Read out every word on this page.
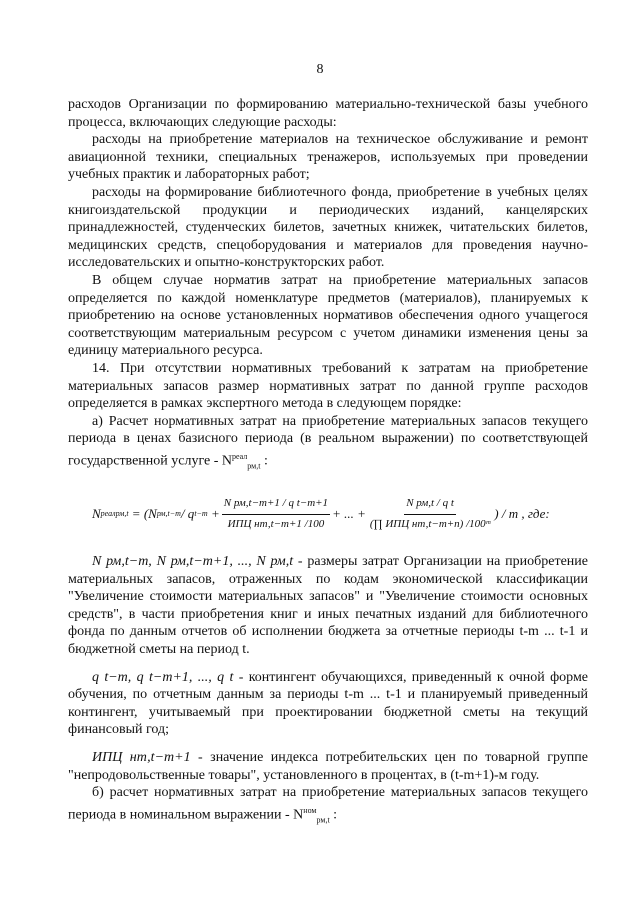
8

расходов Организации по формированию материально-технической базы учебного процесса, включающих следующие расходы:

расходы на приобретение материалов на техническое обслуживание и ремонт авиационной техники, специальных тренажеров, используемых при проведении учебных практик и лабораторных работ;

расходы на формирование библиотечного фонда, приобретение в учебных целях книгоиздательской продукции и периодических изданий, канцелярских принадлежностей, студенческих билетов, зачетных книжек, читательских билетов, медицинских средств, спецоборудования и материалов для проведения научно-исследовательских и опытно-конструкторских работ.

В общем случае норматив затрат на приобретение материальных запасов определяется по каждой номенклатуре предметов (материалов), планируемых к приобретению на основе установленных нормативов обеспечения одного учащегося соответствующим материальным ресурсом с учетом динамики изменения цены за единицу материального ресурса.

14. При отсутствии нормативных требований к затратам на приобретение материальных запасов размер нормативных затрат по данной группе расходов определяется в рамках экспертного метода в следующем порядке:

а) Расчет нормативных затрат на приобретение материальных запасов текущего периода в ценах базисного периода (в реальном выражении) по соответствующей государственной услуге - $N^{реал}_{рм,t}$ :

N реал рм,t
= (N рм,t−m / q $t-m + \frac{\text{N рм,t−m+1 / q t−m+1}}{\text{ИПЦ нт,t−m+1 /100}}$ + ... + $\frac{\text{N рм,t / q t}}{\text{(∏ ИПЦ нт,t−m+n) /100ᵐ}}$ ) / m , где:

N рм,t−m, N рм,t−m+1, ..., N рм,t - размеры затрат Организации на приобретение материальных запасов, отраженных по кодам экономической классификации "Увеличение стоимости материальных запасов" и "Увеличение стоимости основных средств", в части приобретения книг и иных печатных изданий для библиотечного фонда по данным отчетов об исполнении бюджета за отчетные периоды t-m ... t-1 и бюджетной сметы на период t.

q t−m, q t−m+1, ..., q t - контингент обучающихся, приведенный к очной форме обучения, по отчетным данным за периоды t-m ... t-1 и планируемый приведенный контингент, учитываемый при проектировании бюджетной сметы на текущий финансовый год;

ИПЦ нт,t−m+1 - значение индекса потребительских цен по товарной группе "непродовольственные товары", установленного в процентах, в (t-m+1)-м году.

б) расчет нормативных затрат на приобретение материальных запасов текущего периода в номинальном выражении - $N^{ном}_{рм,t}$ :
